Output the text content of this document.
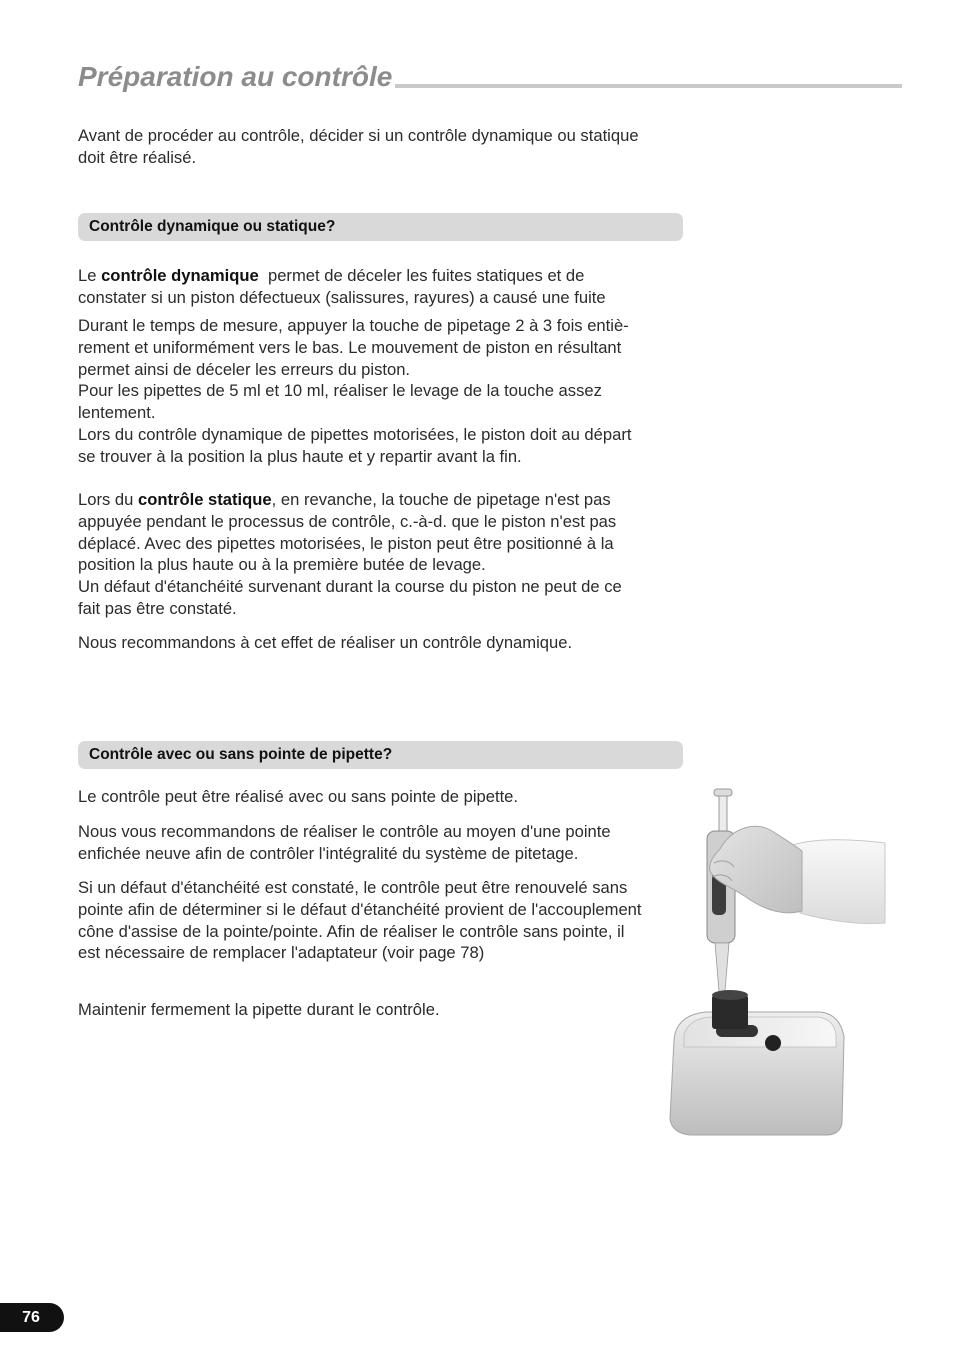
Préparation au contrôle
Avant de procéder au contrôle, décider si un contrôle dynamique ou statique
doit être réalisé.
Contrôle dynamique ou statique?
Le contrôle dynamique  permet de déceler les fuites statiques et de
constater si un piston défectueux (salissures, rayures) a causé une fuite
Durant le temps de mesure, appuyer la touche de pipetage 2 à 3 fois entiè-
rement et uniformément vers le bas. Le mouvement de piston en résultant
permet ainsi de déceler les erreurs du piston.
Pour les pipettes de 5 ml et 10 ml, réaliser le levage de la touche assez
lentement.
Lors du contrôle dynamique de pipettes motorisées, le piston doit au départ
se trouver à la position la plus haute et y repartir avant la fin.
Lors du contrôle statique, en revanche, la touche de pipetage n'est pas
appuyée pendant le processus de contrôle, c.-à-d. que le piston n'est pas
déplacé. Avec des pipettes motorisées, le piston peut être positionné à la
position la plus haute ou à la première butée de levage.
Un défaut d'étanchéité survenant durant la course du piston ne peut de ce
fait pas être constaté.
Nous recommandons à cet effet de réaliser un contrôle dynamique.
Contrôle avec ou sans pointe de pipette?
Le contrôle peut être réalisé avec ou sans pointe de pipette.
Nous vous recommandons de réaliser le contrôle au moyen d'une pointe
enfichée neuve afin de contrôler l'intégralité du système de pitetage.
Si un défaut d'étanchéité est constaté, le contrôle peut être renouvelé sans
pointe afin de déterminer si le défaut d'étanchéité provient de l'accouplement
cône d'assise de la pointe/pointe. Afin de réaliser le contrôle sans pointe, il
est nécessaire de remplacer l'adaptateur (voir page 78)
Maintenir fermement la pipette durant le contrôle.
76
